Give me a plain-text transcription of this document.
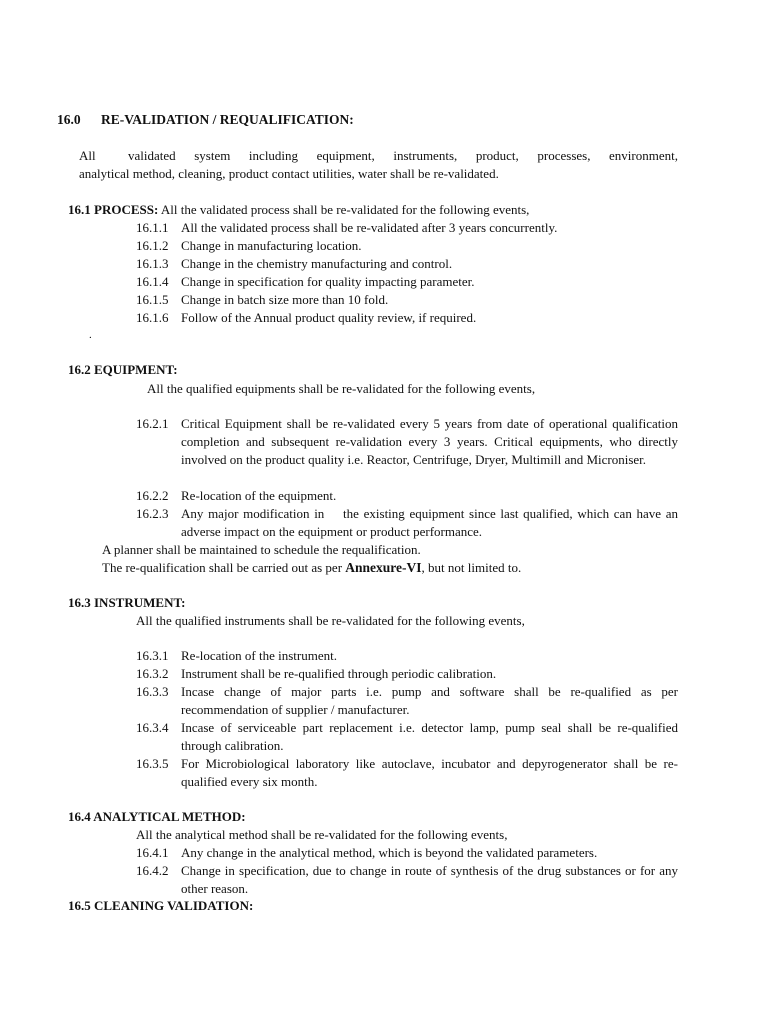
16.0 RE-VALIDATION / REQUALIFICATION:
All validated system including equipment, instruments, product, processes, environment,
analytical method, cleaning, product contact utilities, water shall be re-validated.
16.1 PROCESS: All the validated process shall be re-validated for the following events,
16.1.1 All the validated process shall be re-validated after 3 years concurrently.
16.1.2 Change in manufacturing location.
16.1.3 Change in the chemistry manufacturing and control.
16.1.4 Change in specification for quality impacting parameter.
16.1.5 Change in batch size more than 10 fold.
16.1.6 Follow of the Annual product quality review, if required.
.
16.2 EQUIPMENT:
All the qualified equipments shall be re-validated for the following events,
16.2.1 Critical Equipment shall be re-validated every 5 years from date of operational qualification completion and subsequent re-validation every 3 years. Critical equipments, who directly involved on the product quality i.e. Reactor, Centrifuge, Dryer, Multimill and Microniser.
16.2.2 Re-location of the equipment.
16.2.3 Any major modification in    the existing equipment since last qualified, which can have an adverse impact on the equipment or product performance.
A planner shall be maintained to schedule the requalification.
The re-qualification shall be carried out as per Annexure-VI, but not limited to.
16.3 INSTRUMENT:
All the qualified instruments shall be re-validated for the following events,
16.3.1 Re-location of the instrument.
16.3.2 Instrument shall be re-qualified through periodic calibration.
16.3.3 Incase change of major parts i.e. pump and software shall be re-qualified as per recommendation of supplier / manufacturer.
16.3.4 Incase of serviceable part replacement i.e. detector lamp, pump seal shall be re-qualified through calibration.
16.3.5 For Microbiological laboratory like autoclave, incubator and depyrogenerator shall be re-qualified every six month.
16.4 ANALYTICAL METHOD:
All the analytical method shall be re-validated for the following events,
16.4.1 Any change in the analytical method, which is beyond the validated parameters.
16.4.2 Change in specification, due to change in route of synthesis of the drug substances or for any other reason.
16.5 CLEANING VALIDATION:
